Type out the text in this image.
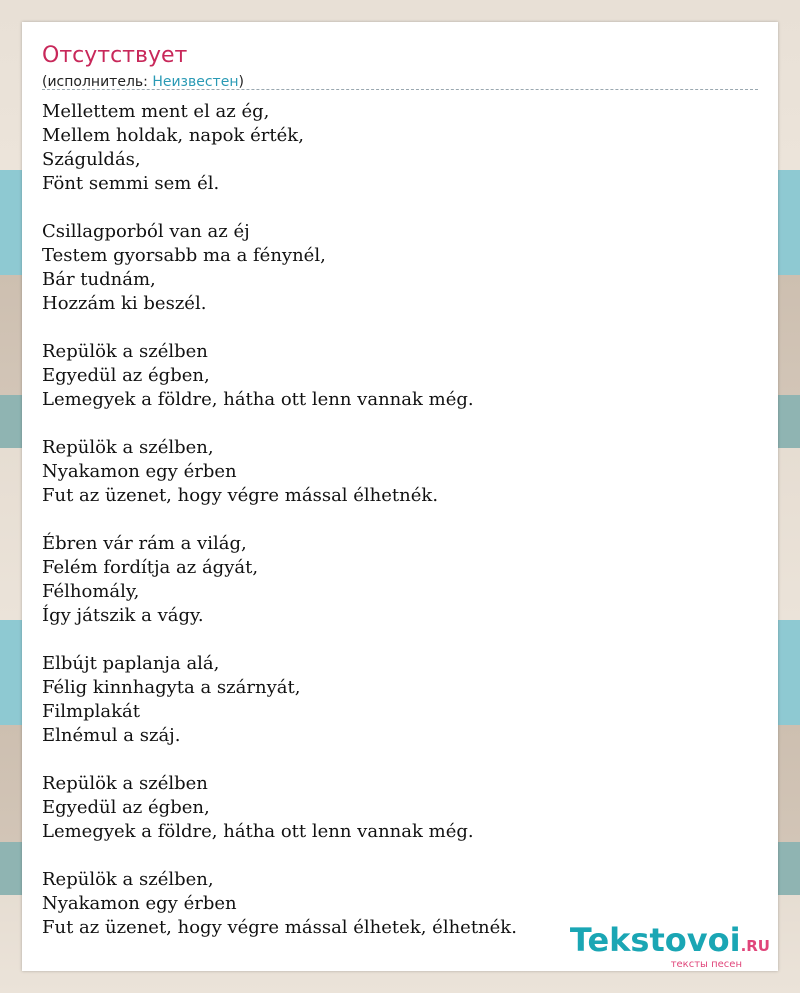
Отсутствует
(исполнитель: Неизвестен)
Mellettem ment el az ég,
Mellem holdak, napok érték,
Száguldás,
Fönt semmi sem él.
Csillagporból van az éj
Testem gyorsabb ma a fénynél,
Bár tudnám,
Hozzám ki beszél.
Repülök a szélben
Egyedül az égben,
Lemegyek a földre, hátha ott lenn vannak még.
Repülök a szélben,
Nyakamon egy érben
Fut az üzenet, hogy végre mással élhetnék.
Ébren vár rám a világ,
Felém fordítja az ágyát,
Félhomály,
Így játszik a vágy.
Elbújt paplanja alá,
Félig kinnhagyta a szárnyát,
Filmplakát
Elnémul a száj.
Repülök a szélben
Egyedül az égben,
Lemegyek a földre, hátha ott lenn vannak még.
Repülök a szélben,
Nyakamon egy érben
Fut az üzenet, hogy végre mással élhetek, élhetnék.	Tekstovoi.RU
тексты песен
